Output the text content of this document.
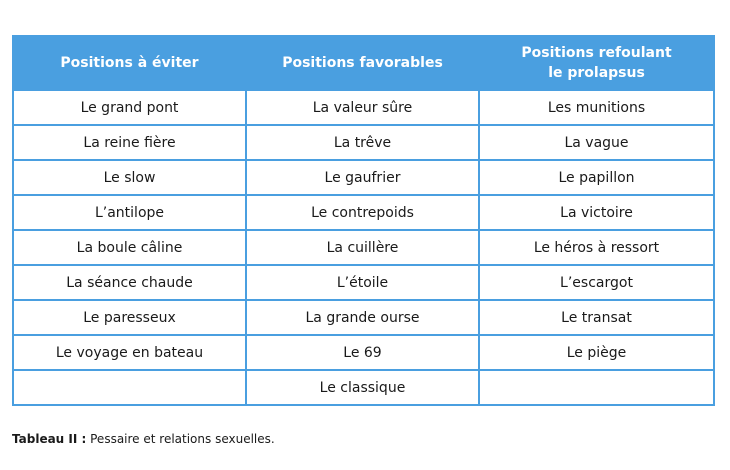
Positions à éviter	Positions favorables	Positions refoulant
le prolapsus
Le grand pont	La valeur sûre	Les munitions
La reine fière	La trêve	La vague
Le slow	Le gaufrier	Le papillon
L’antilope	Le contrepoids	La victoire
La boule câline	La cuillère	Le héros à ressort
La séance chaude	L’étoile	L’escargot
Le paresseux	La grande ourse	Le transat
Le voyage en bateau	Le 69	Le piège
	Le classique	
Tableau II : Pessaire et relations sexuelles.
